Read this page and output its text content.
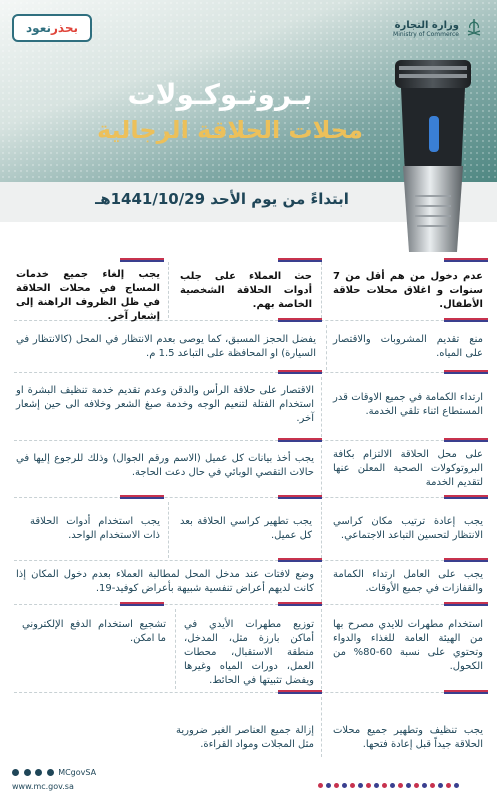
نعود بحذر	وزارة التجارة
Ministry of Commerce
بـروتـوكـولات
محلات الحلاقة الرجالية
ابتداءً من يوم الأحد 1441/10/29هـ
عدم دخول من هم أقل من 7 سنوات و اغلاق محلات حلاقة الأطفال.
حث العملاء على جلب أدوات الحلاقة الشخصية الخاصة بهم.
يجب إلغاء جميع خدمات المساج في محلات الحلاقة في ظل الظروف الراهنة إلى إشعار آخر.
منع تقديم المشروبات والاقتصار على المياه.
يفضل الحجز المسبق، كما يوصى بعدم الانتظار في المحل (كالانتظار في السيارة) او المحافظة على التباعد 1.5 م.
ارتداء الكمامة في جميع الاوقات قدر المستطاع اثناء تلقي الخدمة.
الاقتصار على حلاقة الرأس والدقن وعدم تقديم خدمة تنظيف البشرة او استخدام الفتلة لتنعيم الوجه وخدمة صبغ الشعر وخلافه الى حين إشعار آخر.
على محل الحلاقة الالتزام بكافة البروتوكولات الصحية المعلن عنها لتقديم الخدمة
يجب أخذ بيانات كل عميل (الاسم ورقم الجوال) وذلك للرجوع إليها في حالات التقصي الوبائي في حال دعت الحاجة.
يجب إعادة ترتيب مكان كراسي الانتظار لتحسين التباعد الاجتماعي.
يجب تطهير كراسي الحلاقة بعد كل عميل.
يجب استخدام أدوات الحلاقة ذات الاستخدام الواحد.
يجب على العامل ارتداء الكمامة والقفازات في جميع الأوقات.
وضع لافتات عند مدخل المحل لمطالبة العملاء بعدم دخول المكان إذا كانت لديهم أعراض تنفسية شبيهة بأعراض كوفيد-19.
استخدام مطهرات للايدي مصرح بها من الهيئة العامة للغذاء والدواء وتحتوي على نسبة 60-80% من الكحول.
توزيع مطهرات الأيدي في أماكن بارزة مثل، المدخل، منطقة الاستقبال، محطات العمل، دورات المياه وغيرها ويفضل تثبيتها في الحائط.
تشجيع استخدام الدفع الإلكتروني ما امكن.
يجب تنظيف وتطهير جميع محلات الحلاقة جيداً قبل إعادة فتحها.
إزالة جميع العناصر الغير ضرورية مثل المجلات ومواد القراءة.
MCgovSA
www.mc.gov.sa
